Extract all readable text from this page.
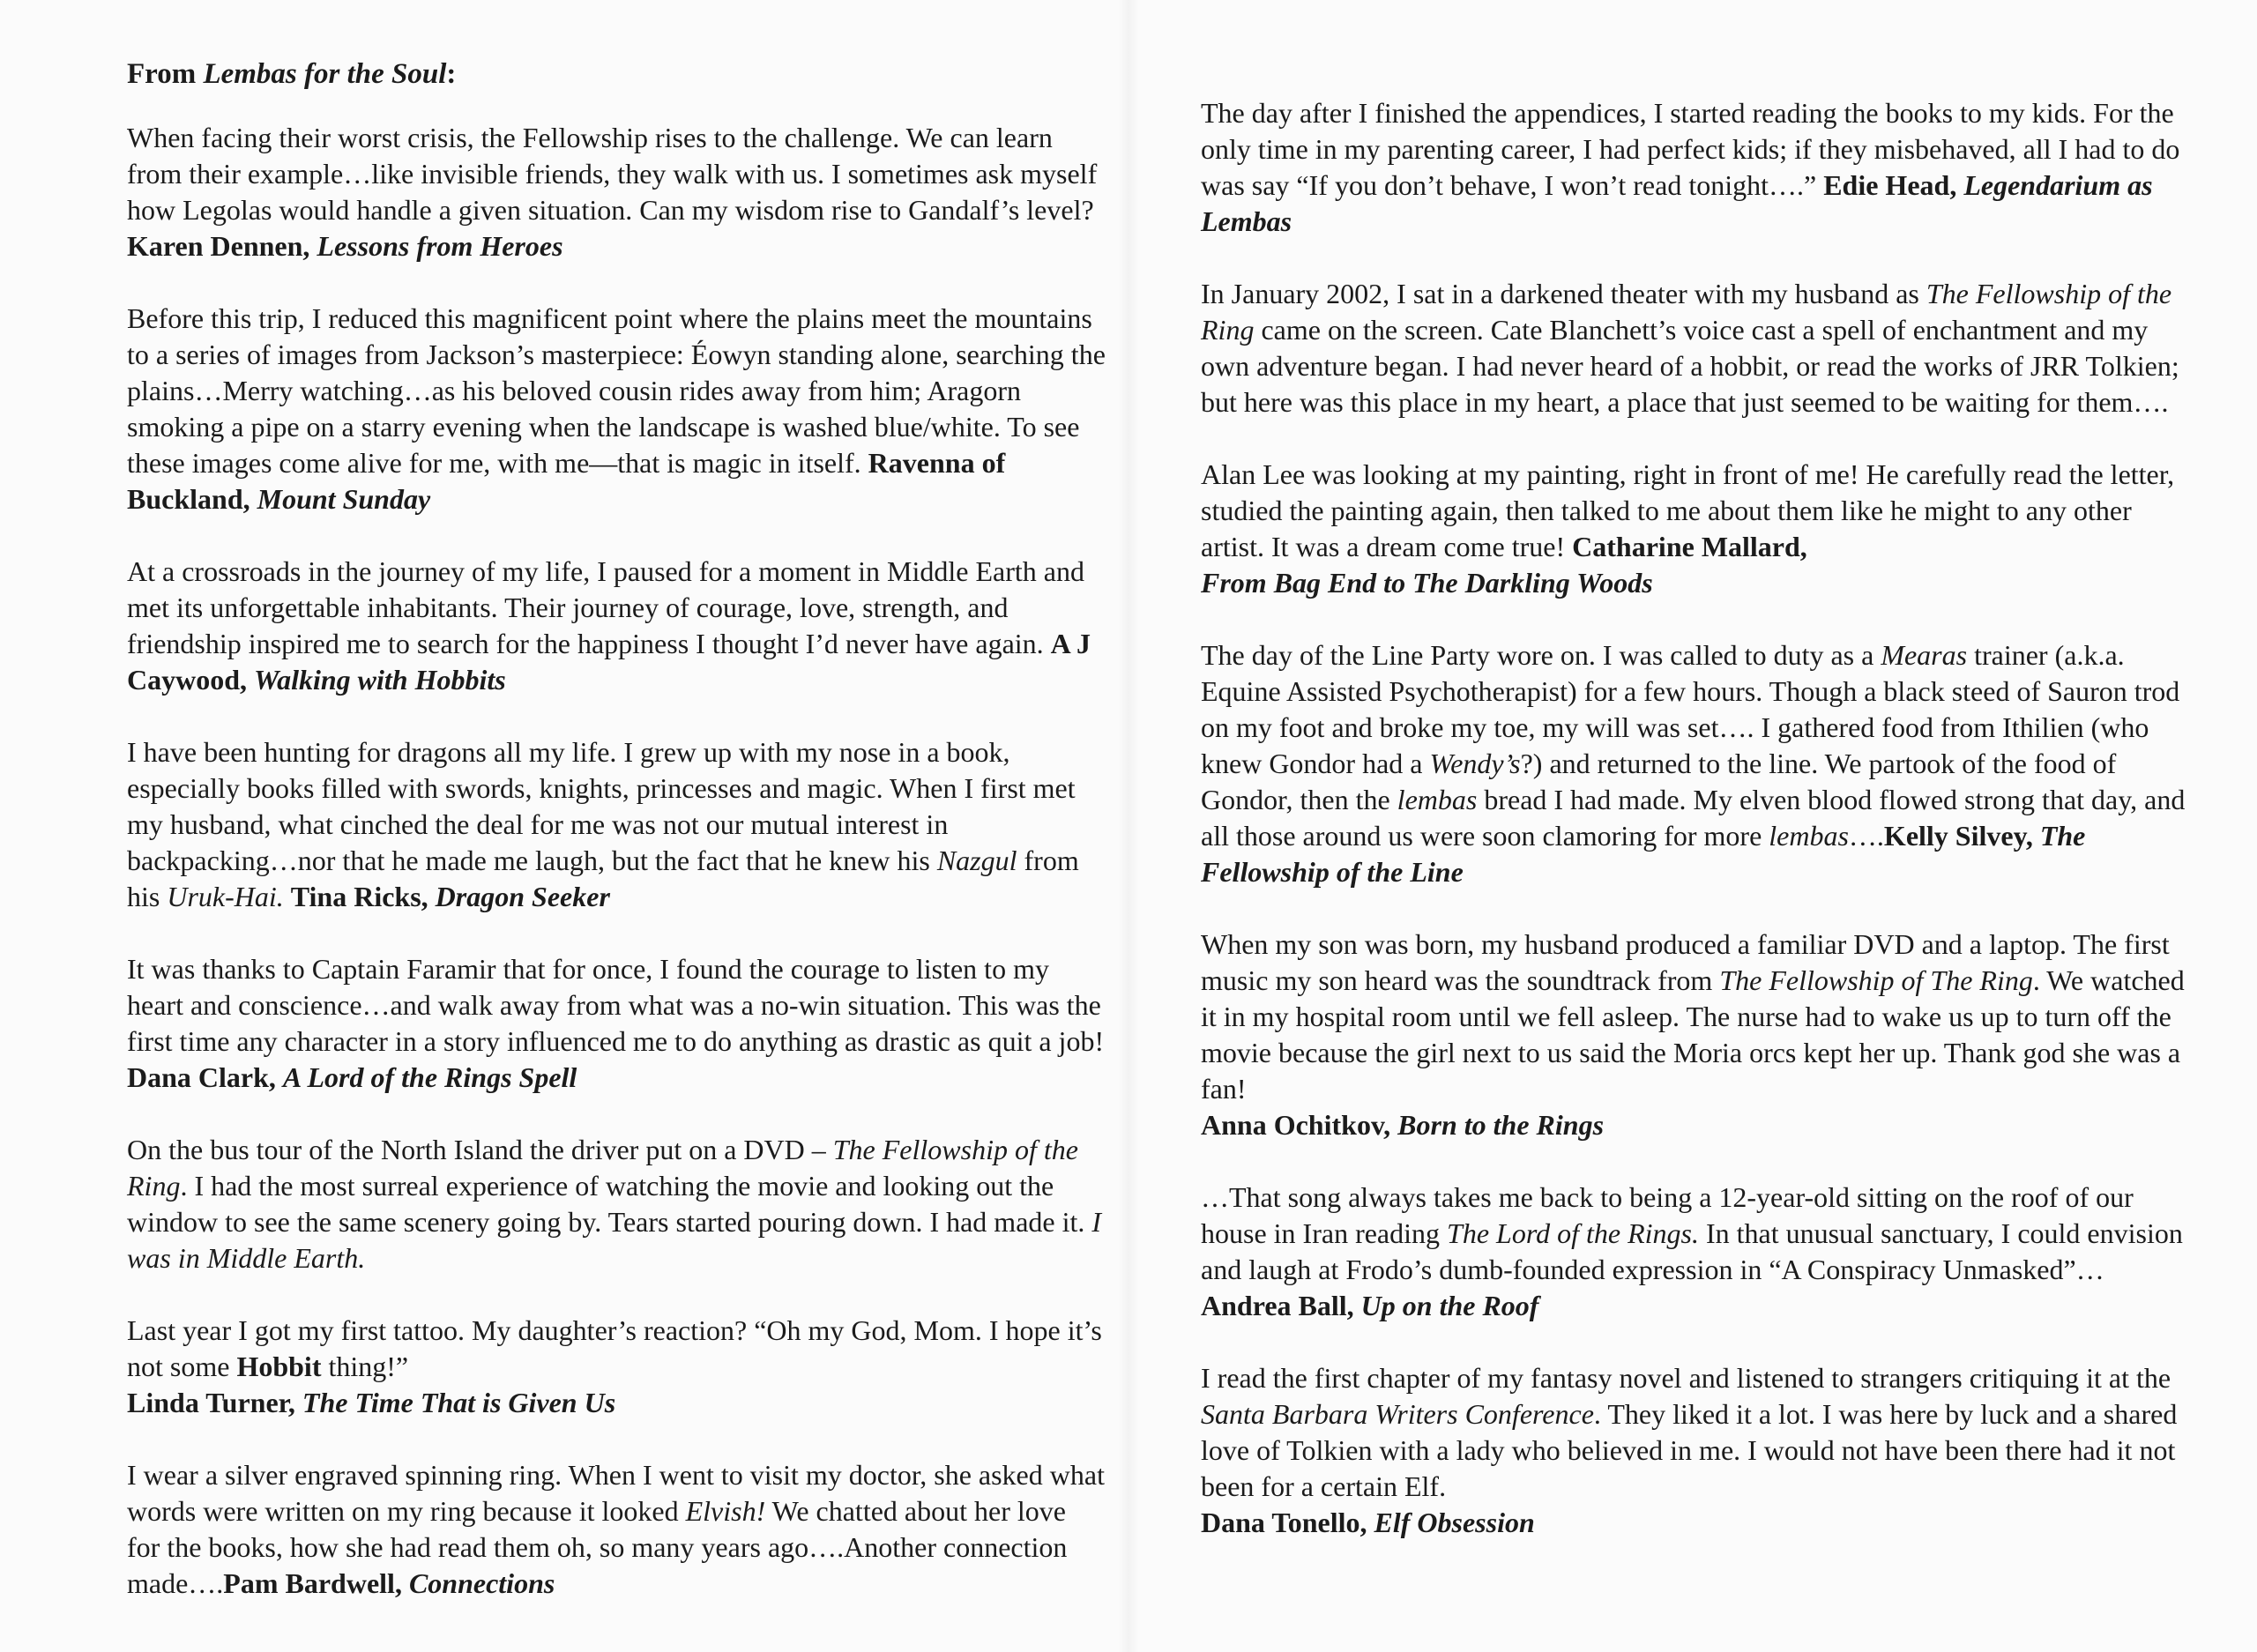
From Lembas for the Soul:

When facing their worst crisis, the Fellowship rises to the challenge. We can learn from their example…like invisible friends, they walk with us. I sometimes ask myself how Legolas would handle a given situation. Can my wisdom rise to Gandalf’s level? Karen Dennen, Lessons from Heroes

Before this trip, I reduced this magnificent point where the plains meet the mountains to a series of images from Jackson’s masterpiece: Éowyn standing alone, searching the plains…Merry watching…as his beloved cousin rides away from him; Aragorn smoking a pipe on a starry evening when the landscape is washed blue/white. To see these images come alive for me, with me—that is magic in itself. Ravenna of Buckland, Mount Sunday

At a crossroads in the journey of my life, I paused for a moment in Middle Earth and met its unforgettable inhabitants. Their journey of courage, love, strength, and friendship inspired me to search for the happiness I thought I’d never have again. A J Caywood, Walking with Hobbits

I have been hunting for dragons all my life. I grew up with my nose in a book, especially books filled with swords, knights, princesses and magic. When I first met my husband, what cinched the deal for me was not our mutual interest in backpacking…nor that he made me laugh, but the fact that he knew his Nazgul from his Uruk-Hai. Tina Ricks, Dragon Seeker

It was thanks to Captain Faramir that for once, I found the courage to listen to my heart and conscience…and walk away from what was a no-win situation. This was the first time any character in a story influenced me to do anything as drastic as quit a job! Dana Clark, A Lord of the Rings Spell

On the bus tour of the North Island the driver put on a DVD – The Fellowship of the Ring. I had the most surreal experience of watching the movie and looking out the window to see the same scenery going by. Tears started pouring down. I had made it. I was in Middle Earth.

Last year I got my first tattoo. My daughter’s reaction? “Oh my God, Mom. I hope it’s not some Hobbit thing!”
Linda Turner, The Time That is Given Us

I wear a silver engraved spinning ring. When I went to visit my doctor, she asked what words were written on my ring because it looked Elvish! We chatted about her love for the books, how she had read them oh, so many years ago….Another connection made….Pam Bardwell, Connections

The day after I finished the appendices, I started reading the books to my kids. For the only time in my parenting career, I had perfect kids; if they misbehaved, all I had to do was say “If you don’t behave, I won’t read tonight….” Edie Head, Legendarium as Lembas

In January 2002, I sat in a darkened theater with my husband as The Fellowship of the Ring came on the screen. Cate Blanchett’s voice cast a spell of enchantment and my own adventure began. I had never heard of a hobbit, or read the works of JRR Tolkien; but here was this place in my heart, a place that just seemed to be waiting for them….

Alan Lee was looking at my painting, right in front of me! He carefully read the letter, studied the painting again, then talked to me about them like he might to any other artist. It was a dream come true! Catharine Mallard,
From Bag End to The Darkling Woods

The day of the Line Party wore on. I was called to duty as a Mearas trainer (a.k.a. Equine Assisted Psychotherapist) for a few hours. Though a black steed of Sauron trod on my foot and broke my toe, my will was set…. I gathered food from Ithilien (who knew Gondor had a Wendy’s?) and returned to the line. We partook of the food of Gondor, then the lembas bread I had made. My elven blood flowed strong that day, and all those around us were soon clamoring for more lembas….Kelly Silvey, The Fellowship of the Line

When my son was born, my husband produced a familiar DVD and a laptop. The first music my son heard was the soundtrack from The Fellowship of The Ring. We watched it in my hospital room until we fell asleep. The nurse had to wake us up to turn off the movie because the girl next to us said the Moria orcs kept her up. Thank god she was a fan!
Anna Ochitkov, Born to the Rings

…That song always takes me back to being a 12-year-old sitting on the roof of our house in Iran reading The Lord of the Rings. In that unusual sanctuary, I could envision and laugh at Frodo’s dumb-founded expression in “A Conspiracy Unmasked”… Andrea Ball, Up on the Roof

I read the first chapter of my fantasy novel and listened to strangers critiquing it at the Santa Barbara Writers Conference. They liked it a lot. I was here by luck and a shared love of Tolkien with a lady who believed in me. I would not have been there had it not been for a certain Elf.
Dana Tonello, Elf Obsession
